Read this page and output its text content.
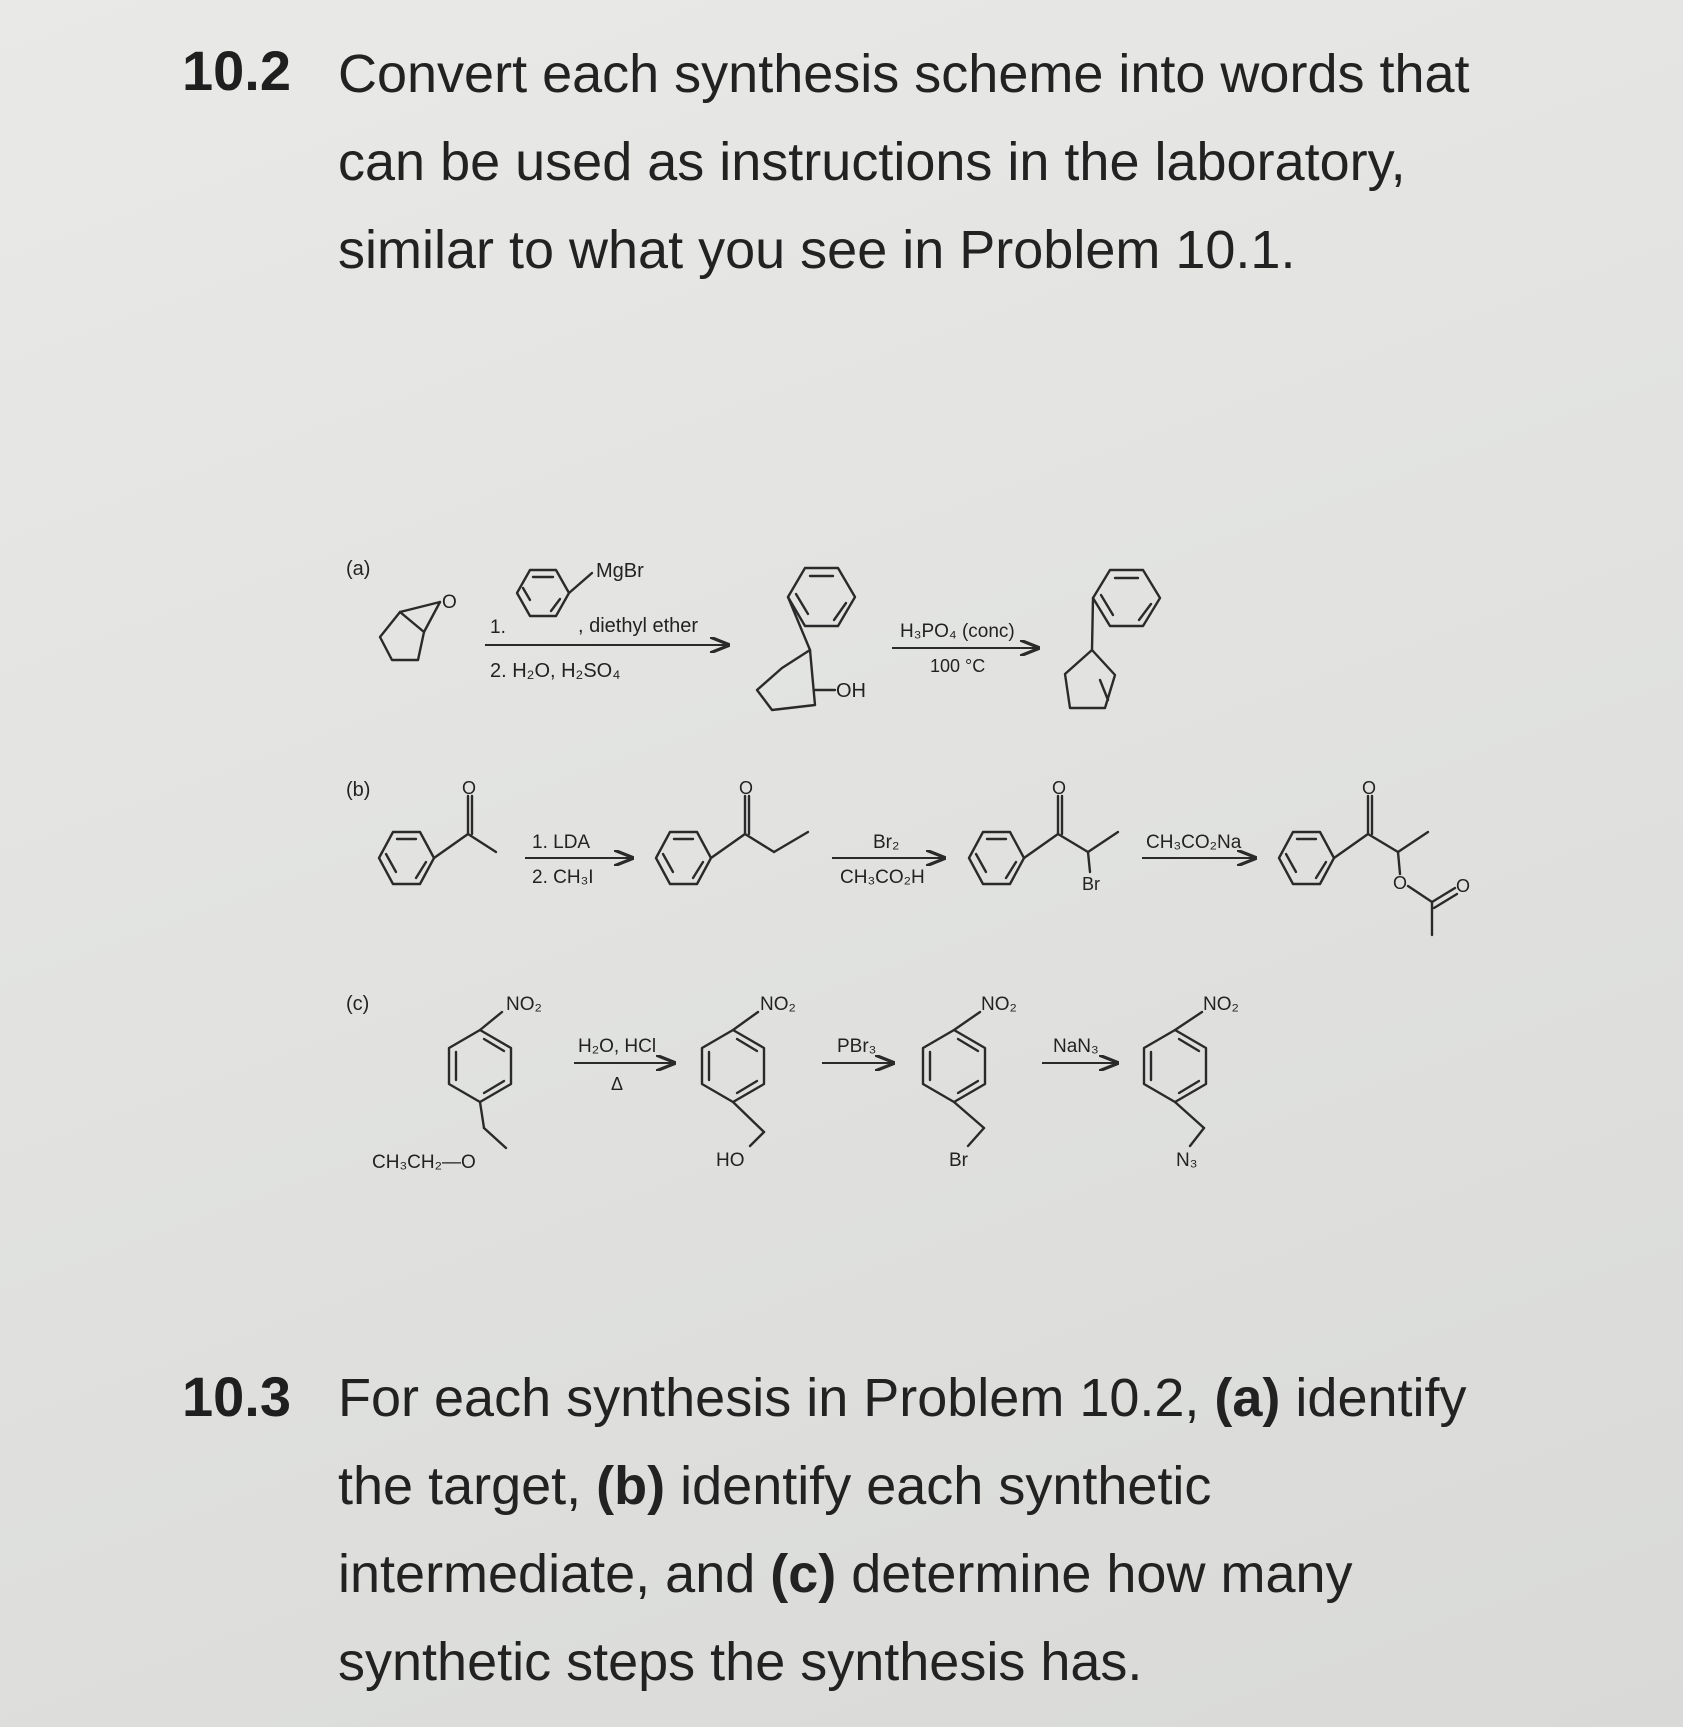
10.2 Convert each synthesis scheme into words that can be used as instructions in the laboratory, similar to what you see in Problem 10.1.
(a)
O
MgBr
1.	, diethyl ether
2. H₂O, H₂SO₄
OH
H₃PO₄ (conc)
100 °C
(b)	O
1. LDA
2. CH₃I
O
Br₂
CH₃CO₂H
O
Br
CH₃CO₂Na
O
O	O
(c)	NO₂
CH₃CH₂—O
H₂O, HCl
Δ
NO₂
HO
PBr₃
NO₂
Br
NaN₃
NO₂
N₃
10.3 For each synthesis in Problem 10.2, (a) identify the target, (b) identify each synthetic intermediate, and (c) determine how many synthetic steps the synthesis has.
